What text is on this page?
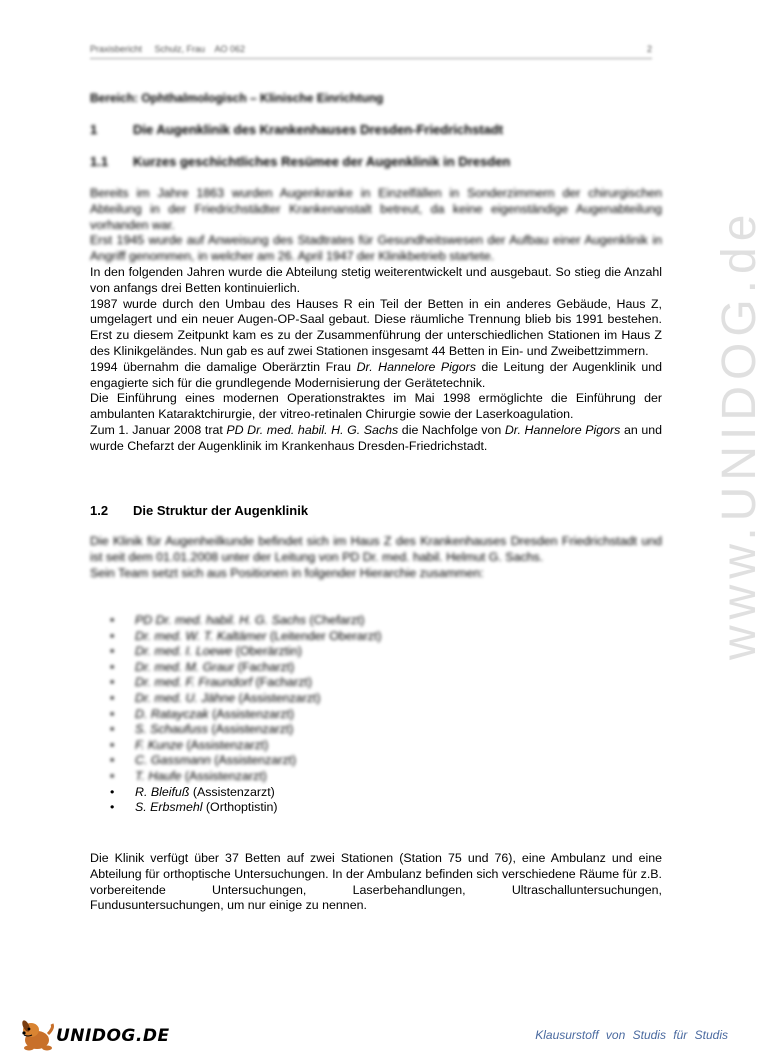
Praxisbericht     Schulz, Frau    AO 062	2
Bereich: Ophthalmologisch – Klinische Einrichtung
1	Die Augenklinik des Krankenhauses Dresden-Friedrichstadt
1.1 Kurzes geschichtliches Resümee der Augenklinik in Dresden

Bereits im Jahre 1863 wurden Augenkranke in Einzelfällen in Sonderzimmern der chirurgischen Abteilung in der Friedrichstädter Krankenanstalt betreut, da keine eigenständige Augenabteilung vorhanden war.

Erst 1945 wurde auf Anweisung des Stadtrates für Gesundheitswesen der Aufbau einer Augenklinik in Angriff genommen, in welcher am 26. April 1947 der Klinikbetrieb startete.

In den folgenden Jahren wurde die Abteilung stetig weiterentwickelt und ausgebaut. So stieg die Anzahl von anfangs drei Betten kontinuierlich.

1987 wurde durch den Umbau des Hauses R ein Teil der Betten in ein anderes Gebäude, Haus Z, umgelagert und ein neuer Augen-OP-Saal gebaut. Diese räumliche Trennung blieb bis 1991 bestehen. Erst zu diesem Zeitpunkt kam es zu der Zusammenführung der unterschiedlichen Stationen im Haus Z des Klinikgeländes. Nun gab es auf zwei Stationen insgesamt 44 Betten in Ein- und Zweibettzimmern.

1994 übernahm die damalige Oberärztin Frau Dr. Hannelore Pigors die Leitung der Augenklinik und engagierte sich für die grundlegende Modernisierung der Gerätetechnik.

Die Einführung eines modernen Operationstraktes im Mai 1998 ermöglichte die Einführung der ambulanten Kataraktchirurgie, der vitreo-retinalen Chirurgie sowie der Laserkoagulation.

Zum 1. Januar 2008 trat PD Dr. med. habil. H. G. Sachs die Nachfolge von Dr. Hannelore Pigors an und wurde Chefarzt der Augenklinik im Krankenhaus Dresden-Friedrichstadt.

1.2 Die Struktur der Augenklinik

Die Klinik für Augenheilkunde befindet sich im Haus Z des Krankenhauses Dresden Friedrichstadt und ist seit dem 01.01.2008 unter der Leitung von PD Dr. med. habil. Helmut G. Sachs.

Sein Team setzt sich aus Positionen in folgender Hierarchie zusammen:

• PD Dr. med. habil. H. G. Sachs (Chefarzt)
• Dr. med. W. T. Kaltämer (Leitender Oberarzt)
• Dr. med. I. Loewe (Oberärztin)
• Dr. med. M. Graur (Facharzt)
• Dr. med. F. Fraundorf (Facharzt)
• Dr. med. U. Jähne (Assistenzarzt)
• D. Ratayczak (Assistenzarzt)
• S. Schaufuss (Assistenzarzt)
• F. Kunze (Assistenzarzt)
• C. Gassmann (Assistenzarzt)
• T. Haufe (Assistenzarzt)
• R. Bleifuß (Assistenzarzt)
• S. Erbsmehl (Orthoptistin)

Die Klinik verfügt über 37 Betten auf zwei Stationen (Station 75 und 76), eine Ambulanz und eine Abteilung für orthoptische Untersuchungen. In der Ambulanz befinden sich verschiedene Räume für z.B. vorbereitende Untersuchungen, Laserbehandlungen, Ultraschalluntersuchungen, Fundusuntersuchungen, um nur einige zu nennen.

www.UNIDOG.de
UNIDOG.DE	Klausurstoff von Studis für Studis
